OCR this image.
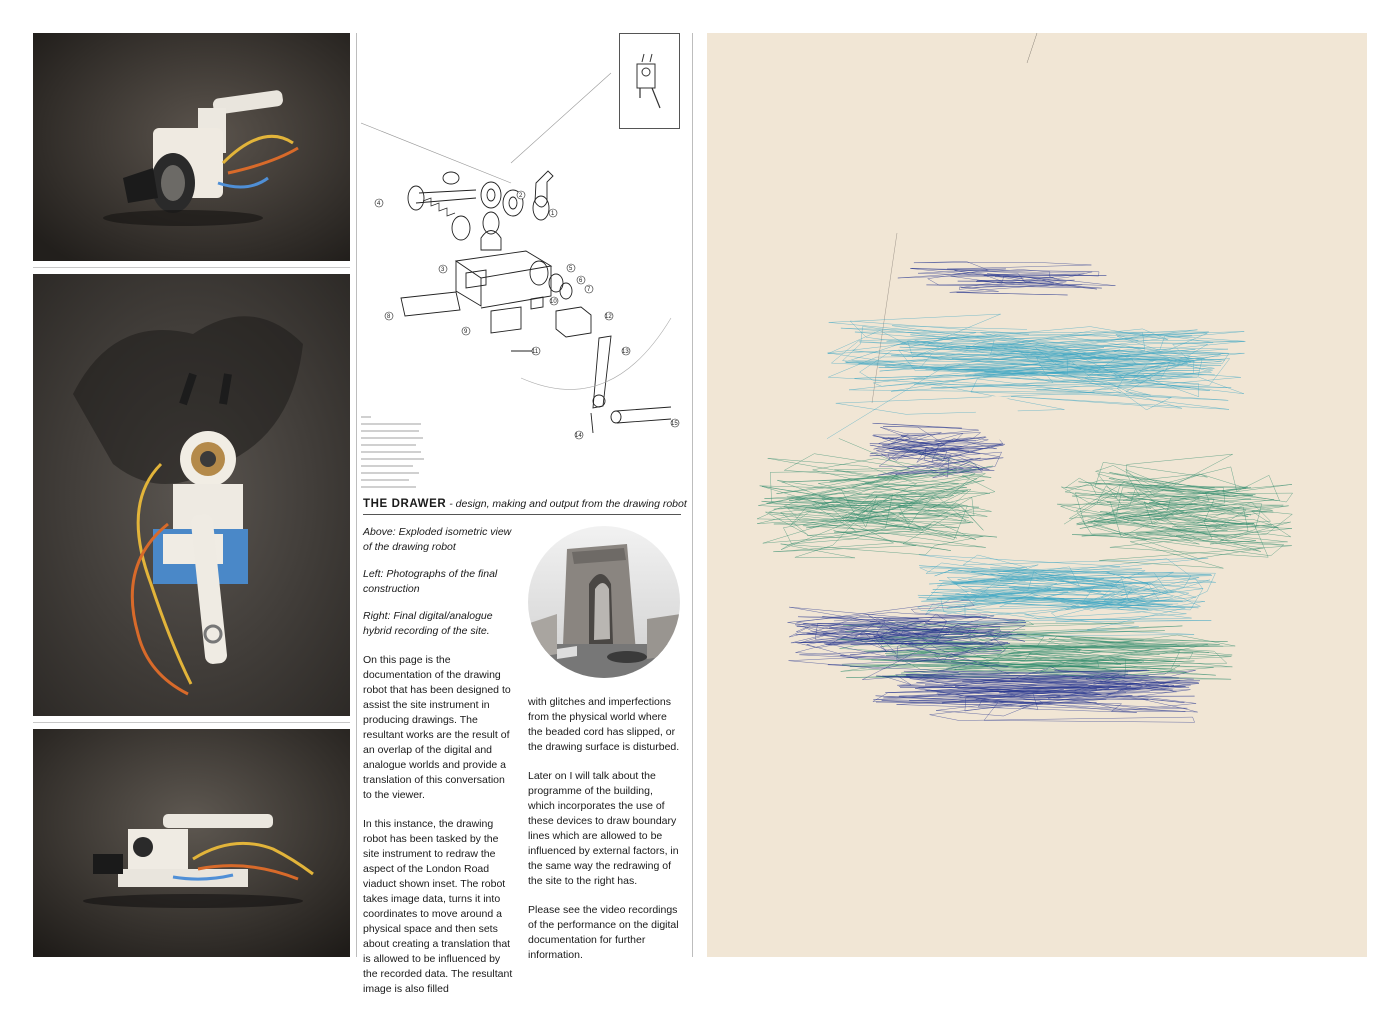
4
2
1
3	5
6
7
8
9
10
11
12
13
14
15
THE DRAWER - design, making and output from the drawing robot
Above: Exploded isometric view of the drawing robot
Left: Photographs of the final construction
Right: Final digital/analogue hybrid recording of the site.

On this page is the documentation of the drawing robot that has been designed to assist the site instrument in producing drawings. The resultant works are the result of an overlap of the digital and analogue worlds and provide a translation of this conversation to the viewer.

In this instance, the drawing robot has been tasked by the site instrument to redraw the aspect of the London Road viaduct shown inset. The robot takes image data, turns it into coordinates to move around a physical space and then sets about creating a translation that is allowed to be influenced by the recorded data. The resultant image is also filled

with glitches and imperfections from the physical world where the beaded cord has slipped, or the drawing surface is disturbed.

Later on I will talk about the programme of the building, which incorporates the use of these devices to draw boundary lines which are allowed to be influenced by external factors, in the same way the redrawing of the site to the right has.

Please see the video recordings of the performance on the digital documentation for further information.
